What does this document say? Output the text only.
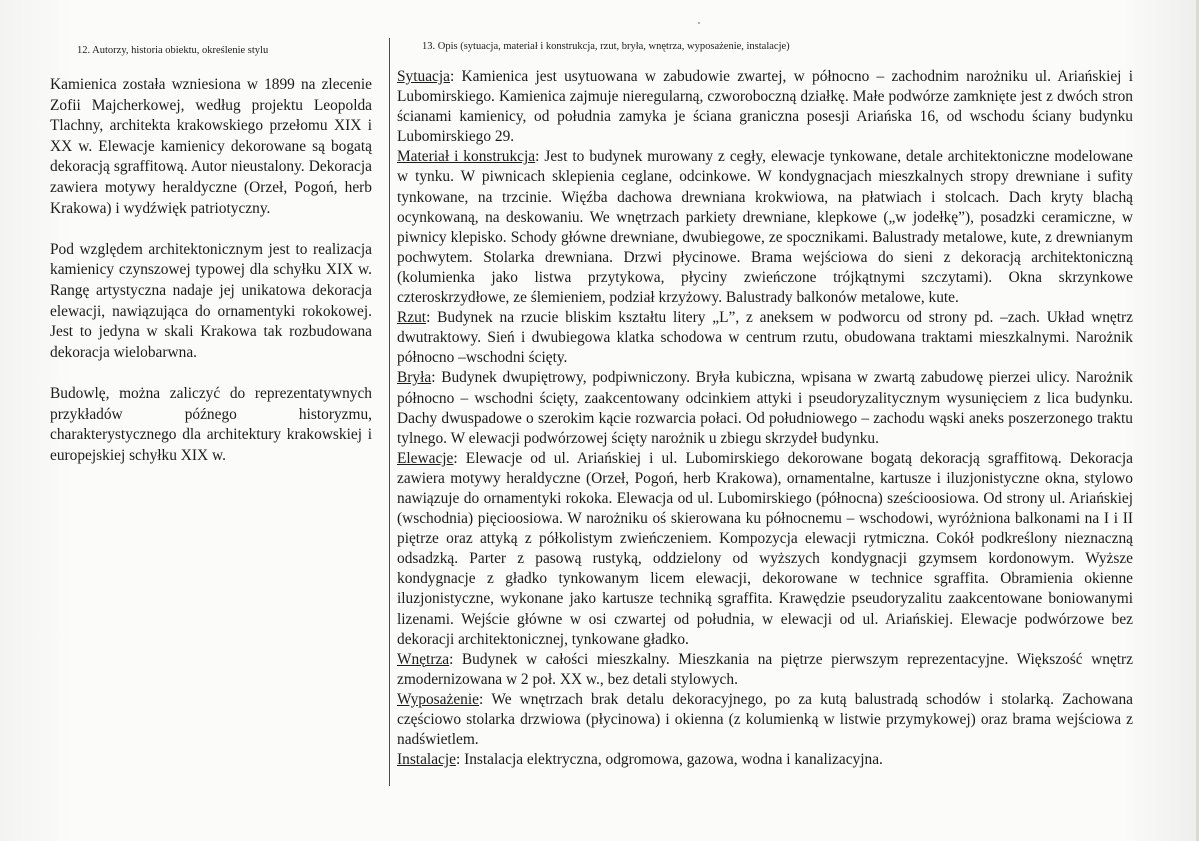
12. Autorzy, historia obiektu, określenie stylu

Kamienica została wzniesiona w 1899 na zlecenie Zofii Majcherkowej, według projektu Leopolda Tlachny, architekta krakowskiego przełomu XIX i XX w. Elewacje kamienicy dekorowane są bogatą dekoracją sgraffitową. Autor nieustalony. Dekoracja zawiera motywy heraldyczne (Orzeł, Pogoń, herb Krakowa) i wydźwięk patriotyczny.

Pod względem architektonicznym jest to realizacja kamienicy czynszowej typowej dla schyłku XIX w. Rangę artystyczna nadaje jej unikatowa dekoracja elewacji, nawiązująca do ornamentyki rokokowej. Jest to jedyna w skali Krakowa tak rozbudowana dekoracja wielobarwna.

Budowlę, można zaliczyć do reprezentatywnych przykładów późnego historyzmu, charakterystycznego dla architektury krakowskiej i europejskiej schyłku XIX w.

13. Opis (sytuacja, materiał i konstrukcja, rzut, bryła, wnętrza, wyposażenie, instalacje)

Sytuacja: Kamienica jest usytuowana w zabudowie zwartej, w północno – zachodnim narożniku ul. Ariańskiej i Lubomirskiego. Kamienica zajmuje nieregularną, czworoboczną działkę. Małe podwórze zamknięte jest z dwóch stron ścianami kamienicy, od południa zamyka je ściana graniczna posesji Ariańska 16, od wschodu ściany budynku Lubomirskiego 29.

Materiał i konstrukcja: Jest to budynek murowany z cegły, elewacje tynkowane, detale architektoniczne modelowane w tynku. W piwnicach sklepienia ceglane, odcinkowe. W kondygnacjach mieszkalnych stropy drewniane i sufity tynkowane, na trzcinie. Więźba dachowa drewniana krokwiowa, na płatwiach i stolcach. Dach kryty blachą ocynkowaną, na deskowaniu. We wnętrzach parkiety drewniane, klepkowe („w jodełkę”), posadzki ceramiczne, w piwnicy klepisko. Schody główne drewniane, dwubiegowe, ze spocznikami. Balustrady metalowe, kute, z drewnianym pochwytem. Stolarka drewniana. Drzwi płycinowe. Brama wejściowa do sieni z dekoracją architektoniczną (kolumienka jako listwa przytykowa, płyciny zwieńczone trójkątnymi szczytami). Okna skrzynkowe czteroskrzydłowe, ze ślemieniem, podział krzyżowy. Balustrady balkonów metalowe, kute.

Rzut: Budynek na rzucie bliskim kształtu litery „L”, z aneksem w podworcu od strony pd. –zach. Układ wnętrz dwutraktowy. Sień i dwubiegowa klatka schodowa w centrum rzutu, obudowana traktami mieszkalnymi. Narożnik północno –wschodni ścięty.

Bryła: Budynek dwupiętrowy, podpiwniczony. Bryła kubiczna, wpisana w zwartą zabudowę pierzei ulicy. Narożnik północno – wschodni ścięty, zaakcentowany odcinkiem attyki i pseudoryzalitycznym wysunięciem z lica budynku. Dachy dwuspadowe o szerokim kącie rozwarcia połaci. Od południowego – zachodu wąski aneks poszerzonego traktu tylnego. W elewacji podwórzowej ścięty narożnik u zbiegu skrzydeł budynku.

Elewacje: Elewacje od ul. Ariańskiej i ul. Lubomirskiego dekorowane bogatą dekoracją sgraffitową. Dekoracja zawiera motywy heraldyczne (Orzeł, Pogoń, herb Krakowa), ornamentalne, kartusze i iluzjonistyczne okna, stylowo nawiązuje do ornamentyki rokoka. Elewacja od ul. Lubomirskiego (północna) sześcioosiowa. Od strony ul. Ariańskiej (wschodnia) pięcioosiowa. W narożniku oś skierowana ku północnemu – wschodowi, wyróżniona balkonami na I i II piętrze oraz attyką z półkolistym zwieńczeniem. Kompozycja elewacji rytmiczna. Cokół podkreślony nieznaczną odsadzką. Parter z pasową rustyką, oddzielony od wyższych kondygnacji gzymsem kordonowym. Wyższe kondygnacje z gładko tynkowanym licem elewacji, dekorowane w technice sgraffita. Obramienia okienne iluzjonistyczne, wykonane jako kartusze techniką sgraffita. Krawędzie pseudoryzalitu zaakcentowane boniowanymi lizenami. Wejście główne w osi czwartej od południa, w elewacji od ul. Ariańskiej. Elewacje podwórzowe bez dekoracji architektonicznej, tynkowane gładko.

Wnętrza: Budynek w całości mieszkalny. Mieszkania na piętrze pierwszym reprezentacyjne. Większość wnętrz zmodernizowana w 2 poł. XX w., bez detali stylowych.

Wyposażenie: We wnętrzach brak detalu dekoracyjnego, po za kutą balustradą schodów i stolarką. Zachowana częściowo stolarka drzwiowa (płycinowa) i okienna (z kolumienką w listwie przymykowej) oraz brama wejściowa z nadświetlem.

Instalacje: Instalacja elektryczna, odgromowa, gazowa, wodna i kanalizacyjna.
